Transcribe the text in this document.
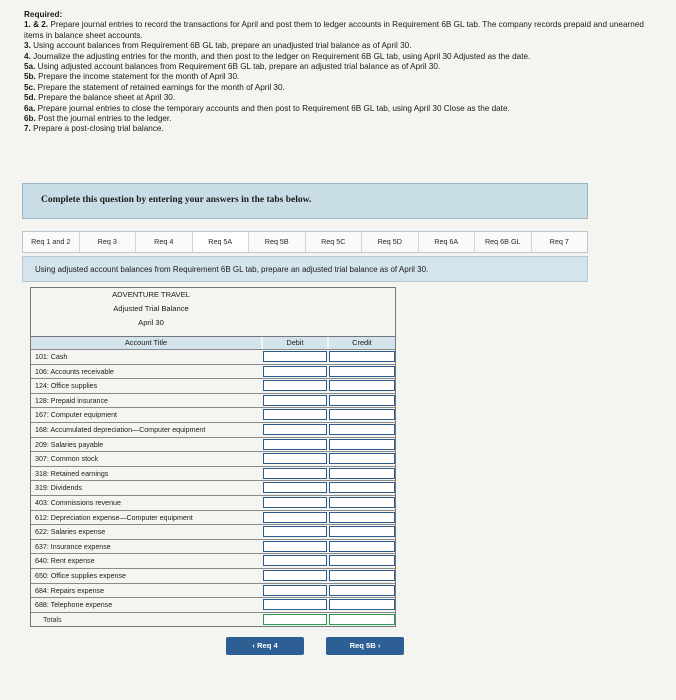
Required:
1. & 2. Prepare journal entries to record the transactions for April and post them to ledger accounts in Requirement 6B GL tab. The company records prepaid and unearned items in balance sheet accounts.
3. Using account balances from Requirement 6B GL tab, prepare an unadjusted trial balance as of April 30.
4. Journalize the adjusting entries for the month, and then post to the ledger on Requirement 6B GL tab, using April 30 Adjusted as the date.
5a. Using adjusted account balances from Requirement 6B GL tab, prepare an adjusted trial balance as of April 30.
5b. Prepare the income statement for the month of April 30.
5c. Prepare the statement of retained earnings for the month of April 30.
5d. Prepare the balance sheet at April 30.
6a. Prepare journal entries to close the temporary accounts and then post to Requirement 6B GL tab, using April 30 Close as the date.
6b. Post the journal entries to the ledger.
7. Prepare a post-closing trial balance.
Complete this question by entering your answers in the tabs below.
Req 1 and 2	Req 3	Req 4	Req 5A	Req 5B	Req 5C	Req 5D	Req 6A	Req 6B GL	Req 7
Using adjusted account balances from Requirement 6B GL tab, prepare an adjusted trial balance as of April 30.
ADVENTURE TRAVEL
Adjusted Trial Balance
April 30
Account Title	Debit	Credit
101: Cash
106: Accounts receivable
124: Office supplies
128: Prepaid insurance
167: Computer equipment
168: Accumulated depreciation—Computer equipment
209: Salaries payable
307: Common stock
318: Retained earnings
319: Dividends
403: Commissions revenue
612: Depreciation expense—Computer equipment
622: Salaries expense
637: Insurance expense
640: Rent expense
650: Office supplies expense
684: Repairs expense
688: Telephone expense
Totals
‹ Req 4	Req 5B ›
